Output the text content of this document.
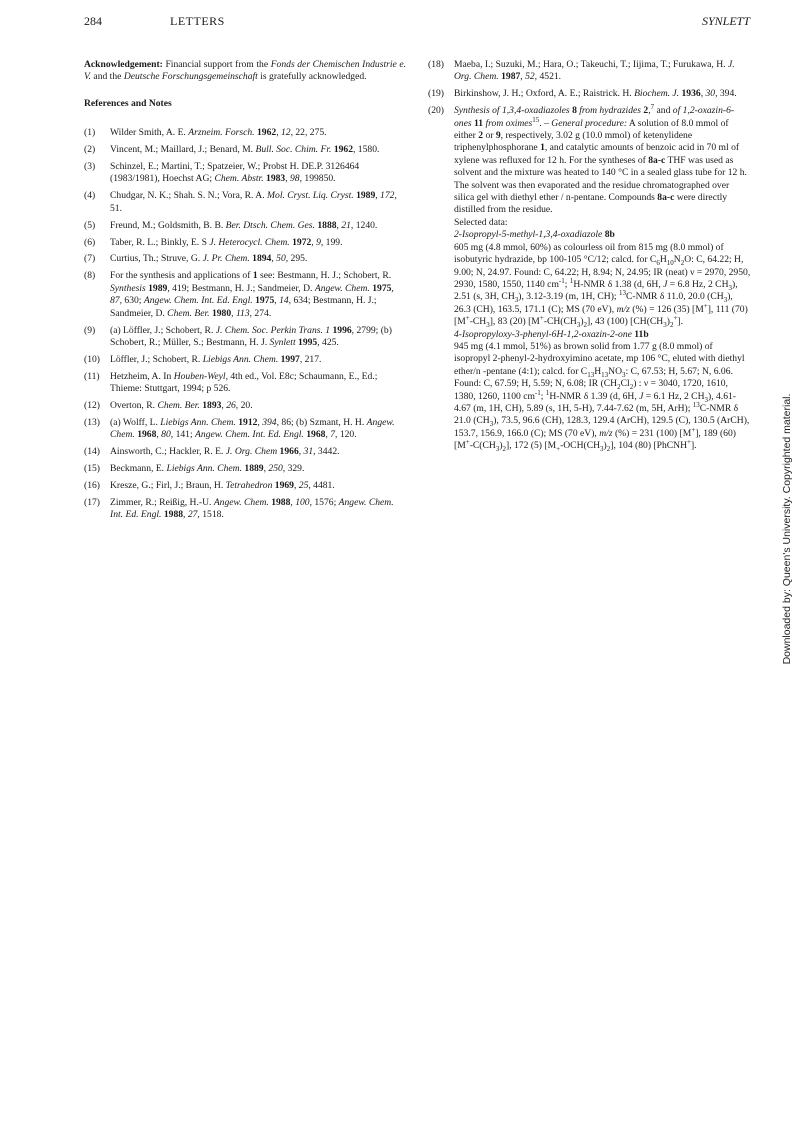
284	LETTERS	SYNLETT

Acknowledgement: Financial support from the Fonds der Chemischen Industrie e. V. and the Deutsche Forschungsgemeinschaft is gratefully acknowledged.

References and Notes
(1)	Wilder Smith, A. E. Arzneim. Forsch. 1962, 12, 22, 275.
(2)	Vincent, M.; Maillard, J.; Benard, M. Bull. Soc. Chim. Fr. 1962, 1580.
(3)	Schinzel, E.; Martini, T.; Spatzeier, W.; Probst H. DE.P. 3126464 (1983/1981), Hoechst AG; Chem. Abstr. 1983, 98, 199850.
(4)	Chudgar, N. K.; Shah. S. N.; Vora, R. A. Mol. Cryst. Liq. Cryst. 1989, 172, 51.
(5)	Freund, M.; Goldsmith, B. B. Ber. Dtsch. Chem. Ges. 1888, 21, 1240.
(6)	Taber, R. L.; Binkly, E. S J. Heterocycl. Chem. 1972, 9, 199.
(7)	Curtius, Th.; Struve, G. J. Pr. Chem. 1894, 50, 295.
(8)	For the synthesis and applications of 1 see: Bestmann, H. J.; Schobert, R. Synthesis 1989, 419; Bestmann, H. J.; Sandmeier, D. Angew. Chem. 1975, 87, 630; Angew. Chem. Int. Ed. Engl. 1975, 14, 634; Bestmann, H. J.; Sandmeier, D. Chem. Ber. 1980, 113, 274.
(9)	(a) Löffler, J.; Schobert, R. J. Chem. Soc. Perkin Trans. 1 1996, 2799; (b) Schobert, R.; Müller, S.; Bestmann, H. J. Synlett 1995, 425.
(10)	Löffler, J.; Schobert, R. Liebigs Ann. Chem. 1997, 217.
(11)	Hetzheim, A. In Houben-Weyl, 4th ed., Vol. E8c; Schaumann, E., Ed.; Thieme: Stuttgart, 1994; p 526.
(12)	Overton, R. Chem. Ber. 1893, 26, 20.
(13)	(a) Wolff, L. Liebigs Ann. Chem. 1912, 394, 86; (b) Szmant, H. H. Angew. Chem. 1968, 80, 141; Angew. Chem. Int. Ed. Engl. 1968, 7, 120.
(14)	Ainsworth, C.; Hackler, R. E. J. Org. Chem 1966, 31, 3442.
(15)	Beckmann, E. Liebigs Ann. Chem. 1889, 250, 329.
(16)	Kresze, G.; Firl, J.; Braun, H. Tetrahedron 1969, 25, 4481.
(17)	Zimmer, R.; Reißig, H.-U. Angew. Chem. 1988, 100, 1576; Angew. Chem. Int. Ed. Engl. 1988, 27, 1518.
(18)	Maeba, I.; Suzuki, M.; Hara, O.; Takeuchi, T.; Iijima, T.; Furukawa, H. J. Org. Chem. 1987, 52, 4521.
(19)	Birkinshow, J. H.; Oxford, A. E.; Raistrick. H. Biochem. J. 1936, 30, 394.
(20)	Synthesis of 1,3,4-oxadiazoles 8 from hydrazides 2,$^7$ and of 1,2-oxazin-6-ones 11 from oximes$^{15}$. – General procedure: A solution of 8.0 mmol of either 2 or 9, respectively, 3.02 g (10.0 mmol) of ketenylidene triphenylphosphorane 1, and catalytic amounts of benzoic acid in 70 ml of xylene was refluxed for 12 h. For the syntheses of 8a-c THF was used as solvent and the mixture was heated to 140 °C in a sealed glass tube for 12 h. The solvent was then evaporated and the residue chromatographed over silica gel with diethyl ether / n-pentane. Compounds 8a-c were directly distilled from the residue.
Selected data:
2-Isopropyl-5-methyl-1,3,4-oxadiazole 8b
605 mg (4.8 mmol, 60%) as colourless oil from 815 mg (8.0 mmol) of isobutyric hydrazide, bp 100-105 °C/12; calcd. for $C_6H_{10}N_2O$: C, 64.22; H, 9.00; N, 24.97. Found: C, 64.22; H, 8.94; N, 24.95; IR (neat) ν = 2970, 2950, 2930, 1580, 1550, 1140 $cm^{-1}$; $^1$H-NMR δ 1.38 (d, 6H, J = 6.8 Hz, 2 $CH_3$), 2.51 (s, 3H, $CH_3$), 3.12-3.19 (m, 1H, CH); $^{13}$C-NMR δ 11.0, 20.0 $(CH_3)$, 26.3 (CH), 163.5, 171.1 (C); MS (70 eV), m/z (%) = 126 (35) [M+], 111 (70) $[M^+-CH_3]$, 83 (20) $[M^+-CH(CH_3)_2]$, 43 (100) $[CH(CH_3)_2^+]$.
4-Isopropyloxy-3-phenyl-6H-1,2-oxazin-2-one 11b
945 mg (4.1 mmol, 51%) as brown solid from 1.77 g (8.0 mmol) of isopropyl 2-phenyl-2-hydroxyimino acetate, mp 106 °C, eluted with diethyl ether/n -pentane (4:1); calcd. for $C_{13}H_{13}NO_3$: C, 67.53; H, 5.67; N, 6.06. Found: C, 67.59; H, 5.59; N, 6.08; IR $(CH_2Cl_2)$ : ν = 3040, 1720, 1610, 1380, 1260, 1100 $cm^{-1}$; $^1$H-NMR δ 1.39 (d, 6H, J = 6.1 Hz, 2 $CH_3$), 4.61-4.67 (m, 1H, CH), 5.89 (s, 1H, 5-H), 7.44-7.62 (m, 5H, ArH); $^{13}$C-NMR δ 21.0 $(CH_3)$, 73.5, 96.6 (CH), 128.3, 129.4 (ArCH), 129.5 (C), 130.5 (ArCH), 153.7, 156.9, 166.0 (C); MS (70 eV), m/z (%) = 231 (100) [M+], 189 (60) $[M^+-C(CH_3)_2]$, 172 (5) $[M_+-OCH(CH_3)_2]$, 104 (80) [PhCNH+].	Downloaded by: Queen's University. Copyrighted material.
